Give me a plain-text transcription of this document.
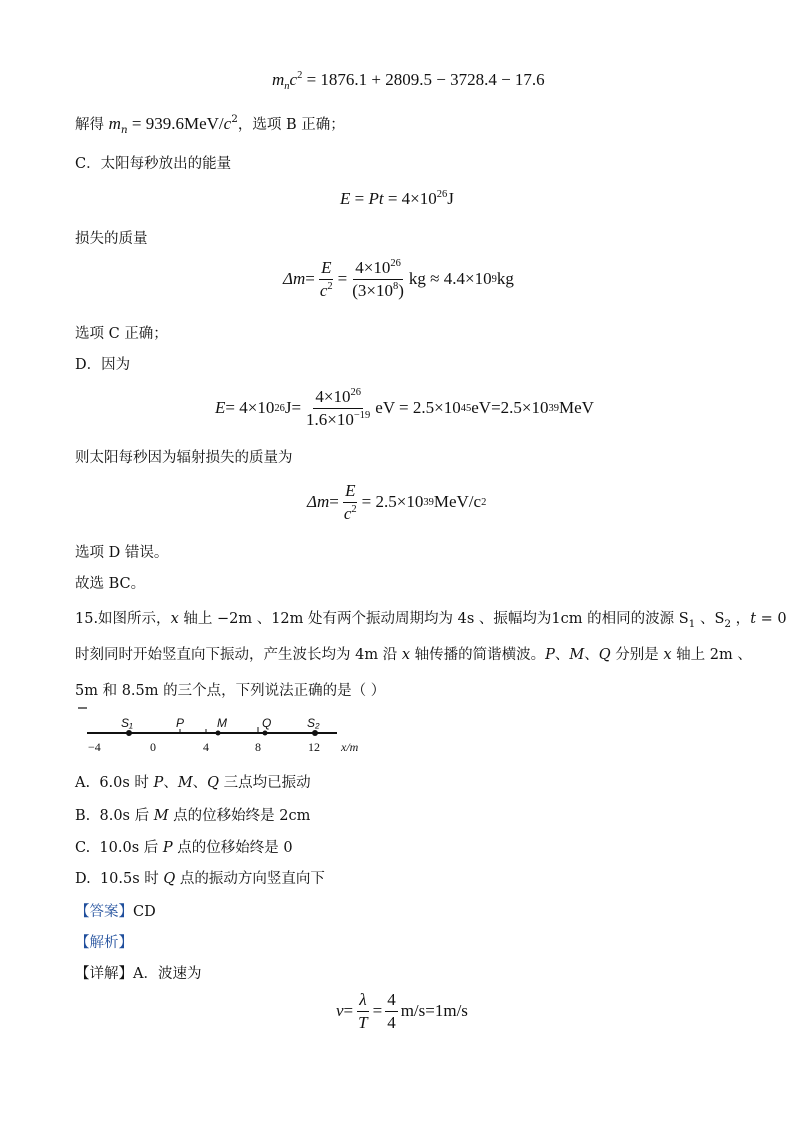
$m_nc^2 = 1876.1 + 2809.5 - 3728.4 - 17.6$
解得 $m_n = 939.6MeV/c^2$，选项 B 正确；
C．太阳每秒放出的能量
$E = Pt = 4\times 10^{26}J$
损失的质量
$\Delta m = \frac{E}{c^2} = \frac{4\times 10^{26}}{(3\times 10^8)}$ kg ≈ 4.4×10 9 kg
选项 C 正确；
D．因为
E = 4×10 26 $J= \frac{4\times 10^{26}}{1.6\times 10^{-19}}$ eV = 2.5×10 45 eV=2.5×10 39 MeV
则太阳每秒因为辐射损失的质量为
$\Delta m = \frac{E}{c^2} = 2.5\times 10$ 39 MeV/c 2
选项 D 错误。
故选 BC。
15.如图所示，x 轴上 −2m 、12m 处有两个振动周期均为 4s 、振幅均为1cm 的相同的波源 $S_1$ 、$S_2$ ，t = 0
时刻同时开始竖直向下振动，产生波长均为 4m 沿 x 轴传播的简谐横波。P、M、Q 分别是 x 轴上 2m 、
5m 和 8.5m 的三个点，下列说法正确的是（ ）
S₁	P	M	Q	S₂
−4	0	4	8	12 x/m
A. 6.0s 时 P、M、Q 三点均已振动
B. 8.0s 后 M 点的位移始终是 2cm
C. 10.0s 后 P 点的位移始终是 0
D. 10.5s 时 Q 点的振动方向竖直向下
【答案】CD
【解析】
【详解】A．波速为
$v = \frac{\lambda}{T} = \frac{4}{4} m/s=1m/s$
